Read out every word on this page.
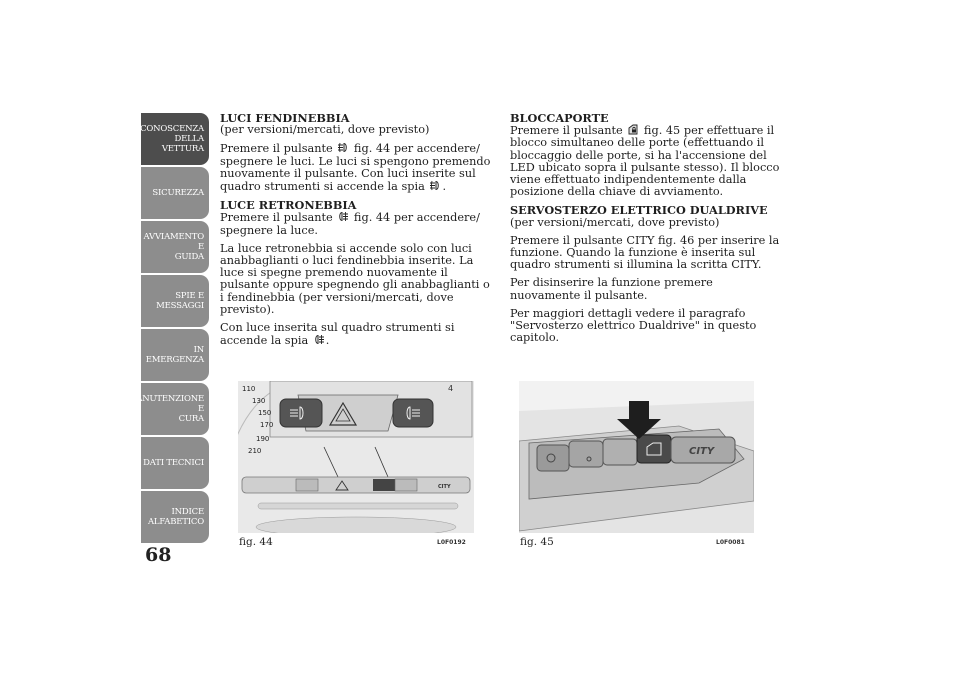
CONOSCENZA
DELLA VETTURA
SICUREZZA
AVVIAMENTO E
GUIDA
SPIE E MESSAGGI
IN EMERGENZA
MANUTENZIONE E
CURA
DATI TECNICI
INDICE
ALFABETICO
68

LUCI FENDINEBBIA

(per versioni/mercati, dove previsto)

Premere il pulsante fig. 44 per accendere/ spegnere le luci. Le luci si spengono premendo nuovamente il pulsante. Con luci inserite sul quadro strumenti si accende la spia .

LUCE RETRONEBBIA

Premere il pulsante fig. 44 per accendere/ spegnere la luce.

La luce retronebbia si accende solo con luci anabbaglianti o luci fendinebbia inserite. La luce si spegne premendo nuovamente il pulsante oppure spegnendo gli anabbaglianti o i fendinebbia (per versioni/mercati, dove previsto).

Con luce inserita sul quadro strumenti si accende la spia .

BLOCCAPORTE

Premere il pulsante fig. 45 per effettuare il blocco simultaneo delle porte (effettuando il bloccaggio delle porte, si ha l'accensione del LED ubicato sopra il pulsante stesso). Il blocco viene effettuato indipendentemente dalla posizione della chiave di avviamento.

SERVOSTERZO ELETTRICO DUALDRIVE

(per versioni/mercati, dove previsto)

Premere il pulsante CITY fig. 46 per inserire la funzione. Quando la funzione è inserita sul quadro strumenti si illumina la scritta CITY.

Per disinserire la funzione premere nuovamente il pulsante.

Per maggiori dettagli vedere il paragrafo "Servosterzo elettrico Dualdrive" in questo capitolo.

4
CITY
110
130
150
170
190
210
fig. 44	L0F0192
CITY
fig. 45	L0F0081
